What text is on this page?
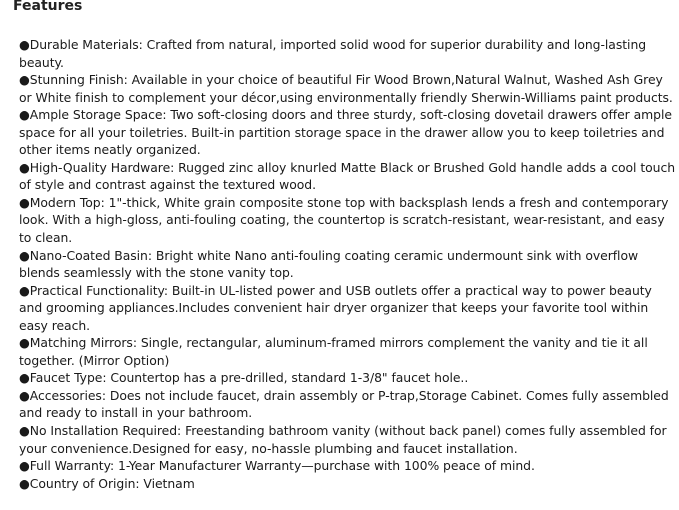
Features
●Durable Materials: Crafted from natural, imported solid wood for superior durability and long-lasting
beauty.
●Stunning Finish: Available in your choice of beautiful Fir Wood Brown,Natural Walnut, Washed Ash Grey
or White finish to complement your décor,using environmentally friendly Sherwin-Williams paint products.
●Ample Storage Space: Two soft-closing doors and three sturdy, soft-closing dovetail drawers offer ample
space for all your toiletries. Built-in partition storage space in the drawer allow you to keep toiletries and
other items neatly organized.
●High-Quality Hardware: Rugged zinc alloy knurled Matte Black or Brushed Gold handle adds a cool touch
of style and contrast against the textured wood.
●Modern Top: 1"-thick, White grain composite stone top with backsplash lends a fresh and contemporary
look. With a high-gloss, anti-fouling coating, the countertop is scratch-resistant, wear-resistant, and easy
to clean.
●Nano-Coated Basin: Bright white Nano anti-fouling coating ceramic undermount sink with overflow
blends seamlessly with the stone vanity top.
●Practical Functionality: Built-in UL-listed power and USB outlets offer a practical way to power beauty
and grooming appliances.Includes convenient hair dryer organizer that keeps your favorite tool within
easy reach.
●Matching Mirrors: Single, rectangular, aluminum-framed mirrors complement the vanity and tie it all
together. (Mirror Option)
●Faucet Type: Countertop has a pre-drilled, standard 1-3/8" faucet hole..
●Accessories: Does not include faucet, drain assembly or P-trap,Storage Cabinet. Comes fully assembled
and ready to install in your bathroom.
●No Installation Required: Freestanding bathroom vanity (without back panel) comes fully assembled for
your convenience.Designed for easy, no-hassle plumbing and faucet installation.
●Full Warranty: 1-Year Manufacturer Warranty—purchase with 100% peace of mind.
●Country of Origin: Vietnam
